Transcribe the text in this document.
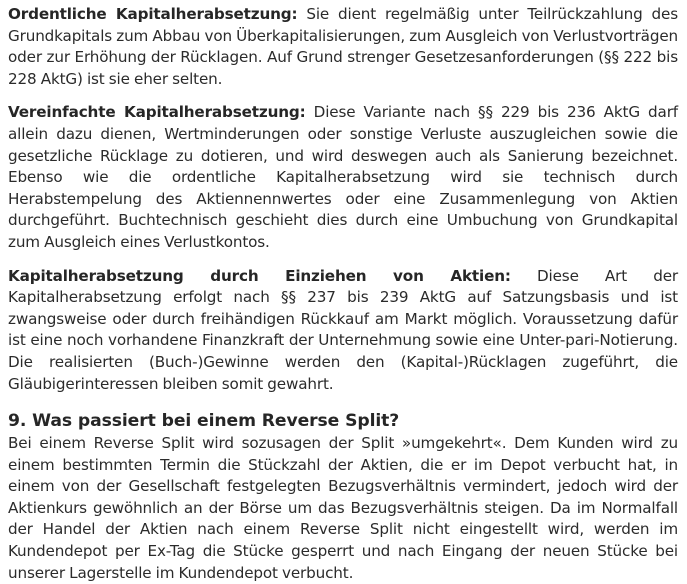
Ordentliche Kapitalherabsetzung: Sie dient regelmäßig unter Teilrückzahlung des Grundkapitals zum Abbau von Überkapitalisierungen, zum Ausgleich von Verlustvorträgen oder zur Erhöhung der Rücklagen. Auf Grund strenger Gesetzesanforderungen (§§ 222 bis 228 AktG) ist sie eher selten.

Vereinfachte Kapitalherabsetzung: Diese Variante nach §§ 229 bis 236 AktG darf allein dazu dienen, Wertminderungen oder sonstige Verluste auszugleichen sowie die gesetzliche Rücklage zu dotieren, und wird deswegen auch als Sanierung bezeichnet. Ebenso wie die ordentliche Kapitalherabsetzung wird sie technisch durch Herabstempelung des Aktiennennwertes oder eine Zusammenlegung von Aktien durchgeführt. Buchtechnisch geschieht dies durch eine Umbuchung von Grundkapital zum Ausgleich eines Verlustkontos.

Kapitalherabsetzung durch Einziehen von Aktien: Diese Art der Kapitalherabsetzung erfolgt nach §§ 237 bis 239 AktG auf Satzungsbasis und ist zwangsweise oder durch freihändigen Rückkauf am Markt möglich. Voraussetzung dafür ist eine noch vorhandene Finanzkraft der Unternehmung sowie eine Unter-pari-Notierung. Die realisierten (Buch-)Gewinne werden den (Kapital-)Rücklagen zugeführt, die Gläubigerinteressen bleiben somit gewahrt.

9. Was passiert bei einem Reverse Split?

Bei einem Reverse Split wird sozusagen der Split »umgekehrt«. Dem Kunden wird zu einem bestimmten Termin die Stückzahl der Aktien, die er im Depot verbucht hat, in einem von der Gesellschaft festgelegten Bezugsverhältnis vermindert, jedoch wird der Aktienkurs gewöhnlich an der Börse um das Bezugsverhältnis steigen. Da im Normalfall der Handel der Aktien nach einem Reverse Split nicht eingestellt wird, werden im Kundendepot per Ex-Tag die Stücke gesperrt und nach Eingang der neuen Stücke bei unserer Lagerstelle im Kundendepot verbucht.
